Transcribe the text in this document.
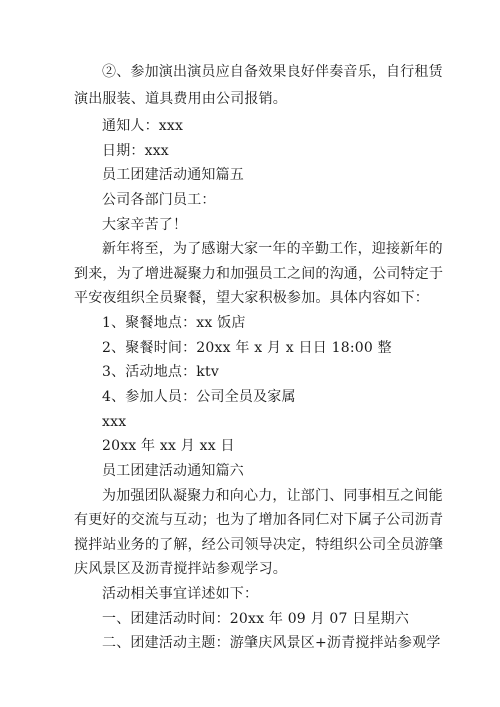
②、参加演出演员应自备效果良好伴奏音乐，自行租赁
演出服装、道具费用由公司报销。
通知人：xxx
日期：xxx
员工团建活动通知篇五
公司各部门员工：
大家辛苦了！
新年将至，为了感谢大家一年的辛勤工作，迎接新年的
到来，为了增进凝聚力和加强员工之间的沟通，公司特定于
平安夜组织全员聚餐，望大家积极参加。具体内容如下：
1、聚餐地点：xx 饭店
2、聚餐时间：20xx 年 x 月 x 日日 18:00 整
3、活动地点：ktv
4、参加人员：公司全员及家属
xxx
20xx 年 xx 月 xx 日
员工团建活动通知篇六
为加强团队凝聚力和向心力，让部门、同事相互之间能
有更好的交流与互动；也为了增加各同仁对下属子公司沥青
搅拌站业务的了解，经公司领导决定，特组织公司全员游肇
庆风景区及沥青搅拌站参观学习。
活动相关事宜详述如下：
一、团建活动时间：20xx 年 09 月 07 日星期六
二、团建活动主题：游肇庆风景区+沥青搅拌站参观学
